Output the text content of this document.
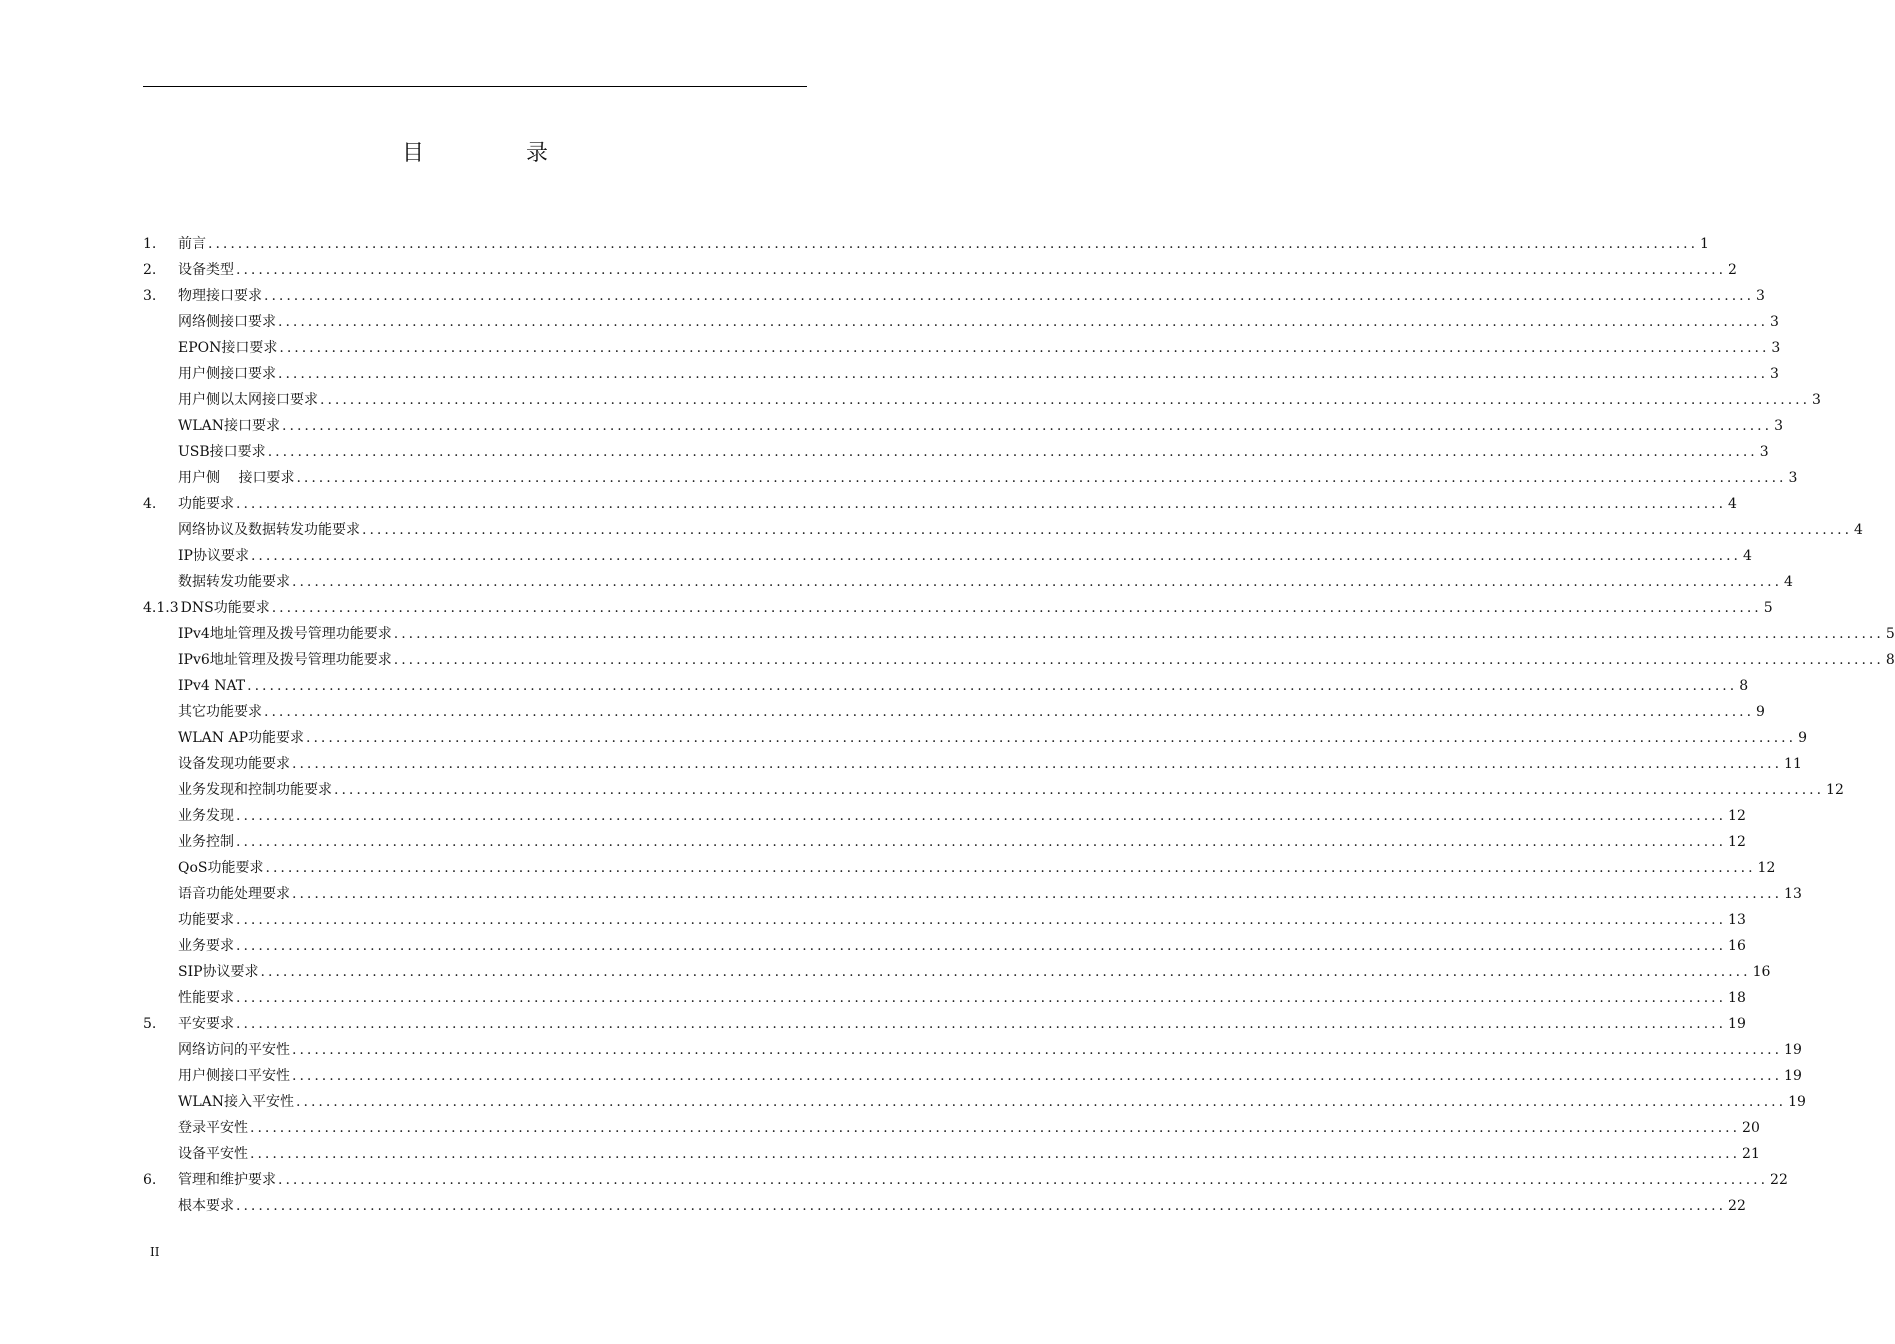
目　录
1.	前言 ........................................................................................................................................................................................................ 1
2.	设备类型 ........................................................................................................................................................................................................ 2
3.	物理接口要求 ........................................................................................................................................................................................................ 3
网络侧接口要求 ........................................................................................................................................................................................................ 3
EPON接口要求 ........................................................................................................................................................................................................ 3
用户侧接口要求 ........................................................................................................................................................................................................ 3
用户侧以太网接口要求 ........................................................................................................................................................................................................ 3
WLAN接口要求 ........................................................................................................................................................................................................ 3
USB接口要求 ........................................................................................................................................................................................................ 3
用户侧　 接口要求 ........................................................................................................................................................................................................ 3
4.	功能要求 ........................................................................................................................................................................................................ 4
网络协议及数据转发功能要求 ........................................................................................................................................................................................................ 4
IP协议要求 ........................................................................................................................................................................................................ 4
数据转发功能要求 ........................................................................................................................................................................................................ 4
4.1.3 DNS功能要求 ........................................................................................................................................................................................................ 5
IPv4地址管理及拨号管理功能要求 ........................................................................................................................................................................................................ 5
IPv6地址管理及拨号管理功能要求 ........................................................................................................................................................................................................ 8
IPv4 NAT ........................................................................................................................................................................................................ 8
其它功能要求 ........................................................................................................................................................................................................ 9
WLAN AP功能要求 ........................................................................................................................................................................................................ 9
设备发现功能要求 ........................................................................................................................................................................................................ 11
业务发现和控制功能要求 ........................................................................................................................................................................................................ 12
业务发现 ........................................................................................................................................................................................................ 12
业务控制 ........................................................................................................................................................................................................ 12
QoS功能要求 ........................................................................................................................................................................................................ 12
语音功能处理要求 ........................................................................................................................................................................................................ 13
功能要求 ........................................................................................................................................................................................................ 13
业务要求 ........................................................................................................................................................................................................ 16
SIP协议要求 ........................................................................................................................................................................................................ 16
性能要求 ........................................................................................................................................................................................................ 18
5.	平安要求 ........................................................................................................................................................................................................ 19
网络访问的平安性 ........................................................................................................................................................................................................ 19
用户侧接口平安性 ........................................................................................................................................................................................................ 19
WLAN接入平安性 ........................................................................................................................................................................................................ 19
登录平安性 ........................................................................................................................................................................................................ 20
设备平安性 ........................................................................................................................................................................................................ 21
6.	管理和维护要求 ........................................................................................................................................................................................................ 22
根本要求 ........................................................................................................................................................................................................ 22
II
